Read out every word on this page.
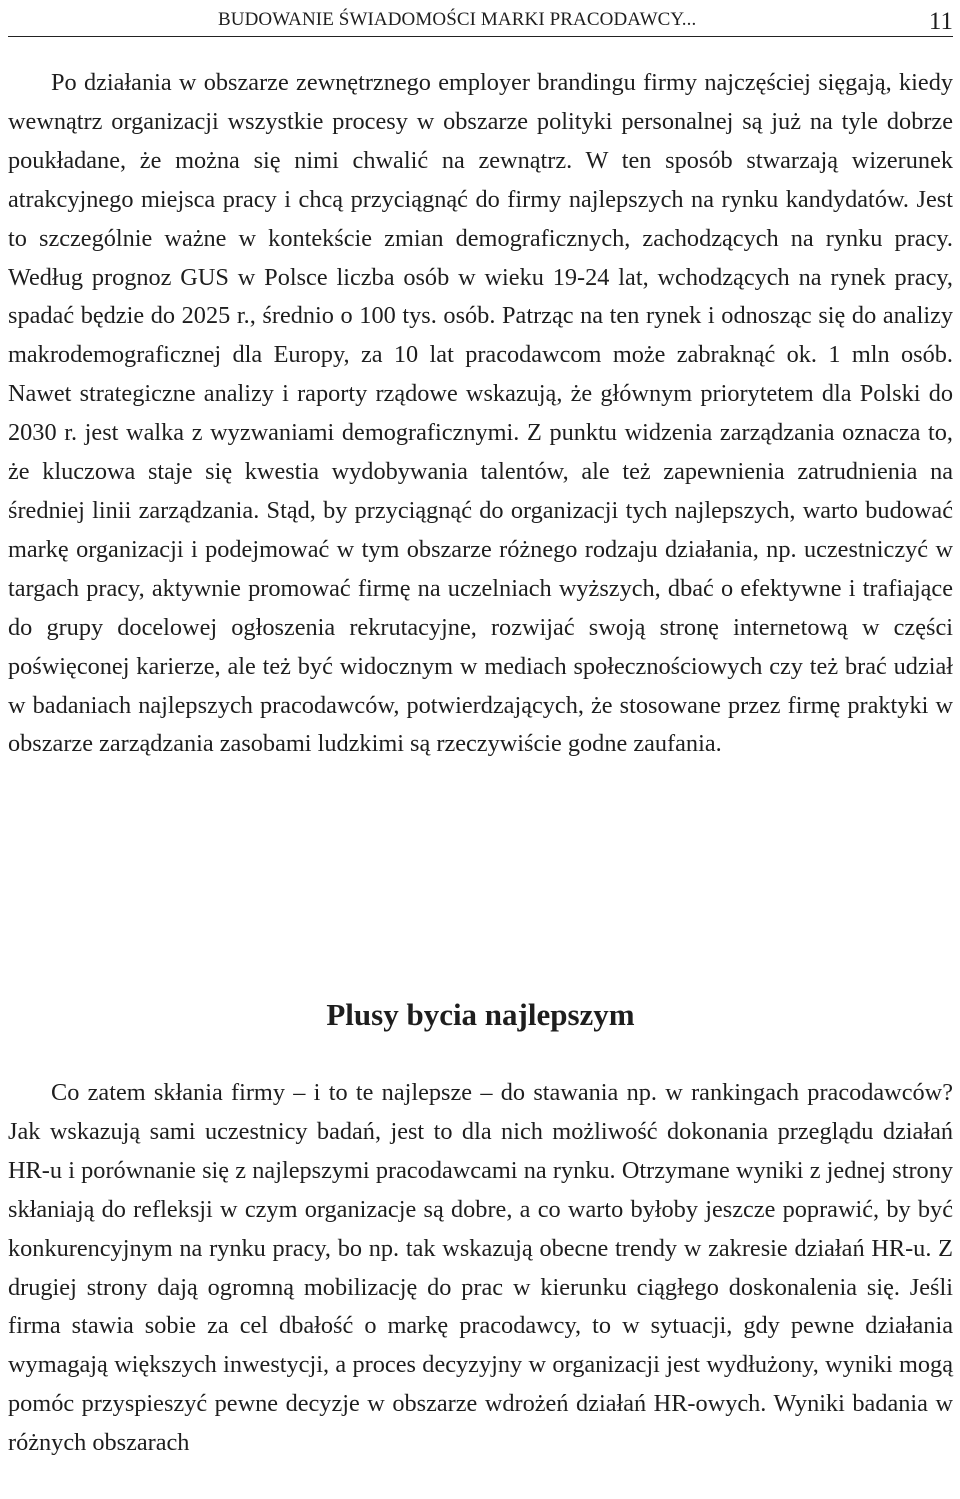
BUDOWANIE ŚWIADOMOŚCI MARKI PRACODAWCY...	11

Po działania w obszarze zewnętrznego employer brandingu firmy najczęściej sięgają, kiedy wewnątrz organizacji wszystkie procesy w obszarze polityki personalnej są już na tyle dobrze poukładane, że można się nimi chwalić na zewnątrz. W ten sposób stwarzają wizerunek atrakcyjnego miejsca pracy i chcą przyciągnąć do firmy najlepszych na rynku kandydatów. Jest to szczególnie ważne w kontekście zmian demograficznych, zachodzących na rynku pracy. Według prognoz GUS w Polsce liczba osób w wieku 19-24 lat, wchodzących na rynek pracy, spadać będzie do 2025 r., średnio o 100 tys. osób. Patrząc na ten rynek i odnosząc się do analizy makrodemograficznej dla Europy, za 10 lat pracodawcom może zabraknąć ok. 1 mln osób. Nawet strategiczne analizy i raporty rządowe wskazują, że głównym priorytetem dla Polski do 2030 r. jest walka z wyzwaniami demograficznymi. Z punktu widzenia zarządzania oznacza to, że kluczowa staje się kwestia wydobywania talentów, ale też zapewnienia zatrudnienia na średniej linii zarządzania. Stąd, by przyciągnąć do organizacji tych najlepszych, warto budować markę organizacji i podejmować w tym obszarze różnego rodzaju działania, np. uczestniczyć w targach pracy, aktywnie promować firmę na uczelniach wyższych, dbać o efektywne i trafiające do grupy docelowej ogłoszenia rekrutacyjne, rozwijać swoją stronę internetową w części poświęconej karierze, ale też być widocznym w mediach społecznościowych czy też brać udział w badaniach najlepszych pracodawców, potwierdzających, że stosowane przez firmę praktyki w obszarze zarządzania zasobami ludzkimi są rzeczywiście godne zaufania.

Plusy bycia najlepszym

Co zatem skłania firmy – i to te najlepsze – do stawania np. w rankingach pracodawców? Jak wskazują sami uczestnicy badań, jest to dla nich możliwość dokonania przeglądu działań HR-u i porównanie się z najlepszymi pracodawcami na rynku. Otrzymane wyniki z jednej strony skłaniają do refleksji w czym organizacje są dobre, a co warto byłoby jeszcze poprawić, by być konkurencyjnym na rynku pracy, bo np. tak wskazują obecne trendy w zakresie działań HR-u. Z drugiej strony dają ogromną mobilizację do prac w kierunku ciągłego doskonalenia się. Jeśli firma stawia sobie za cel dbałość o markę pracodawcy, to w sytuacji, gdy pewne działania wymagają większych inwestycji, a proces decyzyjny w organizacji jest wydłużony, wyniki mogą pomóc przyspieszyć pewne decyzje w obszarze wdrożeń działań HR-owych. Wyniki badania w różnych obszarach
